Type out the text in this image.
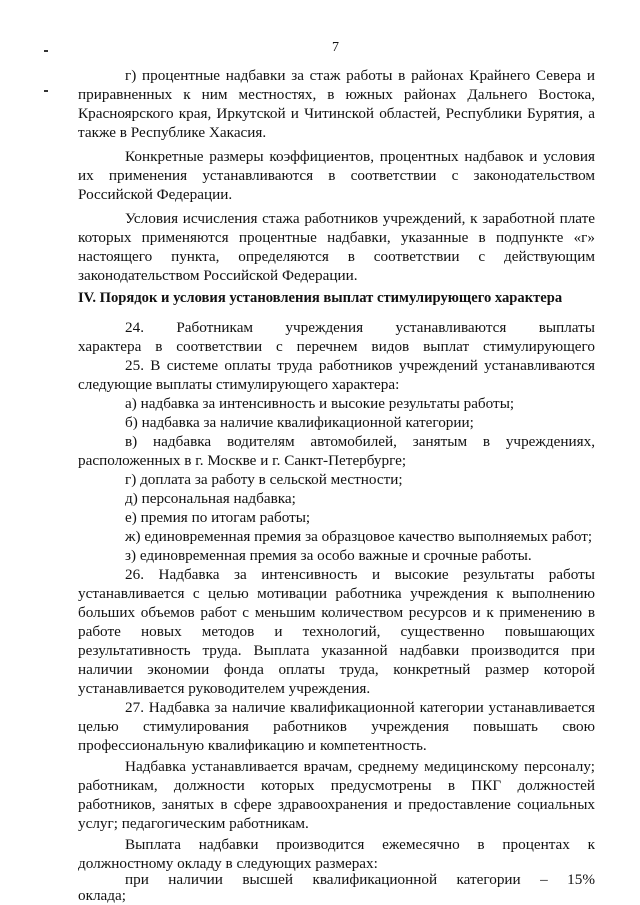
7
г) процентные надбавки за стаж работы в районах Крайнего Севера и
приравненных к ним местностях, в южных районах Дальнего Востока,
Красноярского края, Иркутской и Читинской областей, Республики Бурятия, а
также в Республике Хакасия.
Конкретные размеры коэффициентов, процентных надбавок и условия
их применения устанавливаются в соответствии с законодательством
Российской Федерации.
Условия исчисления стажа работников учреждений, к заработной плате
которых применяются процентные надбавки, указанные в подпункте «г»
настоящего пункта, определяются в соответствии с действующим
законодательством Российской Федерации.
IV. Порядок и условия установления выплат стимулирующего характера
24. Работникам учреждения устанавливаются выплаты
характера в соответствии с перечнем видов выплат стимулирующего
25. В системе оплаты труда работников учреждений устанавливаются
следующие выплаты стимулирующего характера:
а) надбавка за интенсивность и высокие результаты работы;
б) надбавка за наличие квалификационной категории;
в) надбавка водителям автомобилей, занятым в учреждениях,
расположенных в г. Москве и г. Санкт-Петербурге;
г) доплата за работу в сельской местности;
д) персональная надбавка;
е) премия по итогам работы;
ж) единовременная премия за образцовое качество выполняемых работ;
з) единовременная премия за особо важные и срочные работы.
26. Надбавка за интенсивность и высокие результаты работы
устанавливается с целью мотивации работника учреждения к выполнению
больших объемов работ с меньшим количеством ресурсов и к применению в
работе новых методов и технологий, существенно повышающих
результативность труда. Выплата указанной надбавки производится при
наличии экономии фонда оплаты труда, конкретный размер которой
устанавливается руководителем учреждения.
27. Надбавка за наличие квалификационной категории устанавливается
целью стимулирования работников учреждения повышать свою
профессиональную квалификацию и компетентность.
Надбавка устанавливается врачам, среднему медицинскому персоналу;
работникам, должности которых предусмотрены в ПКГ должностей
работников, занятых в сфере здравоохранения и предоставление социальных
услуг; педагогическим работникам.
Выплата надбавки производится ежемесячно в процентах к
должностному окладу в следующих размерах:
при наличии высшей квалификационной категории – 15%
оклада;
